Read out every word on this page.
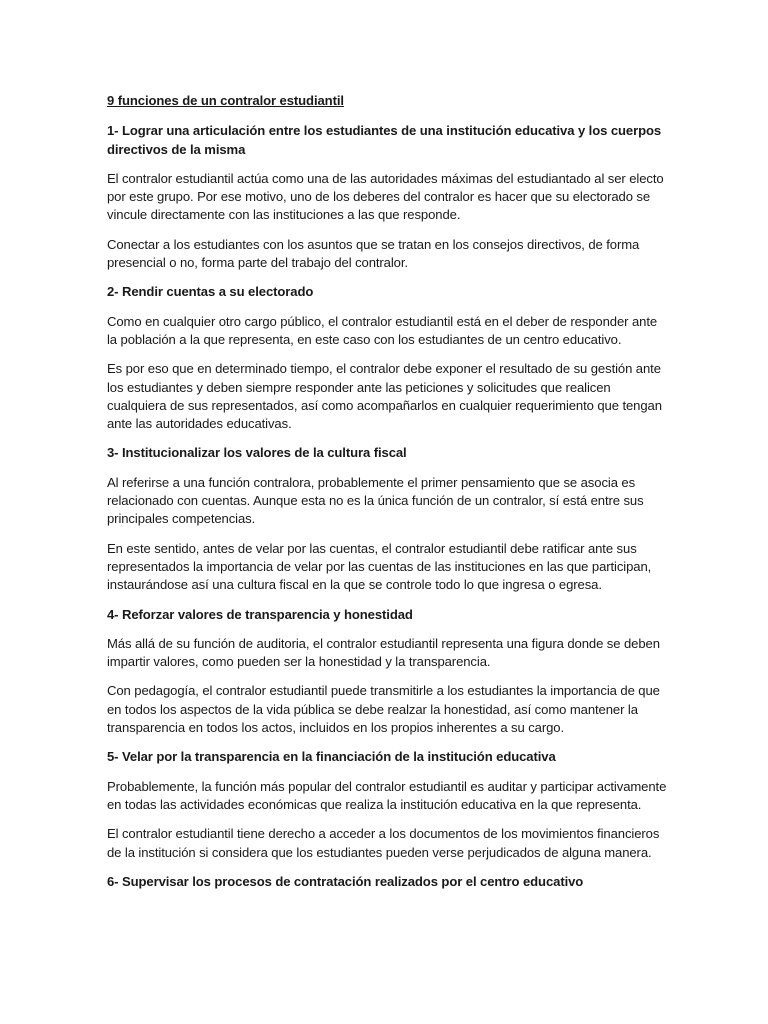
9 funciones de un contralor estudiantil

1- Lograr una articulación entre los estudiantes de una institución educativa y los cuerpos directivos de la misma

El contralor estudiantil actúa como una de las autoridades máximas del estudiantado al ser electo por este grupo. Por ese motivo, uno de los deberes del contralor es hacer que su electorado se vincule directamente con las instituciones a las que responde.

Conectar a los estudiantes con los asuntos que se tratan en los consejos directivos, de forma presencial o no, forma parte del trabajo del contralor.

2- Rendir cuentas a su electorado

Como en cualquier otro cargo público, el contralor estudiantil está en el deber de responder ante la población a la que representa, en este caso con los estudiantes de un centro educativo.

Es por eso que en determinado tiempo, el contralor debe exponer el resultado de su gestión ante los estudiantes y deben siempre responder ante las peticiones y solicitudes que realicen cualquiera de sus representados, así como acompañarlos en cualquier requerimiento que tengan ante las autoridades educativas.

3- Institucionalizar los valores de la cultura fiscal

Al referirse a una función contralora, probablemente el primer pensamiento que se asocia es relacionado con cuentas. Aunque esta no es la única función de un contralor, sí está entre sus principales competencias.

En este sentido, antes de velar por las cuentas, el contralor estudiantil debe ratificar ante sus representados la importancia de velar por las cuentas de las instituciones en las que participan, instaurándose así una cultura fiscal en la que se controle todo lo que ingresa o egresa.

4- Reforzar valores de transparencia y honestidad

Más allá de su función de auditoria, el contralor estudiantil representa una figura donde se deben impartir valores, como pueden ser la honestidad y la transparencia.

Con pedagogía, el contralor estudiantil puede transmitirle a los estudiantes la importancia de que en todos los aspectos de la vida pública se debe realzar la honestidad, así como mantener la transparencia en todos los actos, incluidos en los propios inherentes a su cargo.

5- Velar por la transparencia en la financiación de la institución educativa

Probablemente, la función más popular del contralor estudiantil es auditar y participar activamente en todas las actividades económicas que realiza la institución educativa en la que representa.

El contralor estudiantil tiene derecho a acceder a los documentos de los movimientos financieros de la institución si considera que los estudiantes pueden verse perjudicados de alguna manera.

6- Supervisar los procesos de contratación realizados por el centro educativo
